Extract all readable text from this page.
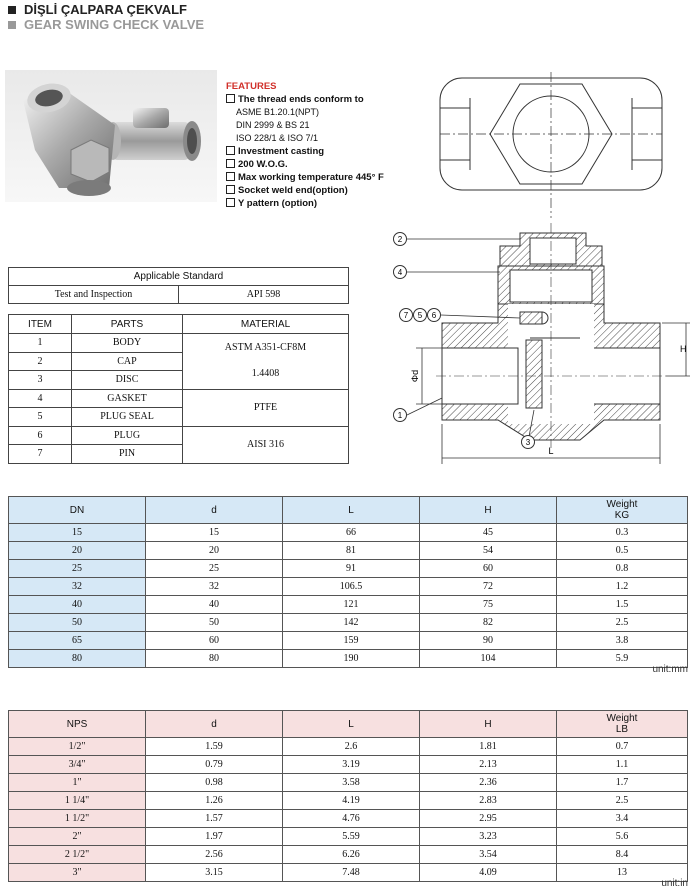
DİŞLİ ÇALPARA ÇEKVALF
GEAR SWING CHECK VALVE
FEATURES
The thread ends conform to
ASME B1.20.1(NPT)
DIN 2999 & BS 21
ISO 228/1 & ISO 7/1
Investment casting
200 W.O.G.
Max working temperature 445° F
Socket weld end(option)
Y pattern (option)
Φd
H
L
2
4
7 5 6
1
3
Applicable Standard
Test and Inspection	API 598
ITEM	PARTS	MATERIAL
1	BODY	ASTM A351-CF8M
1.4408

2	CAP	
3	DISC	
4	GASKET	PTFE
5	PLUG SEAL	
6	PLUG	AISI 316
7	PIN	
DN	d	L	H	Weight
KG

15	15	66	45	0.3
20	20	81	54	0.5
25	25	91	60	0.8
32	32	106.5	72	1.2
40	40	121	75	1.5
50	50	142	82	2.5
65	60	159	90	3.8
80	80	190	104	5.9
unit:mm
NPS	d	L	H	Weight
LB

1/2"	1.59	2.6	1.81	0.7
3/4"	0.79	3.19	2.13	1.1
1"	0.98	3.58	2.36	1.7
1 1/4"	1.26	4.19	2.83	2.5
1 1/2"	1.57	4.76	2.95	3.4
2"	1.97	5.59	3.23	5.6
2 1/2"	2.56	6.26	3.54	8.4
3"	3.15	7.48	4.09	13
unit:in
